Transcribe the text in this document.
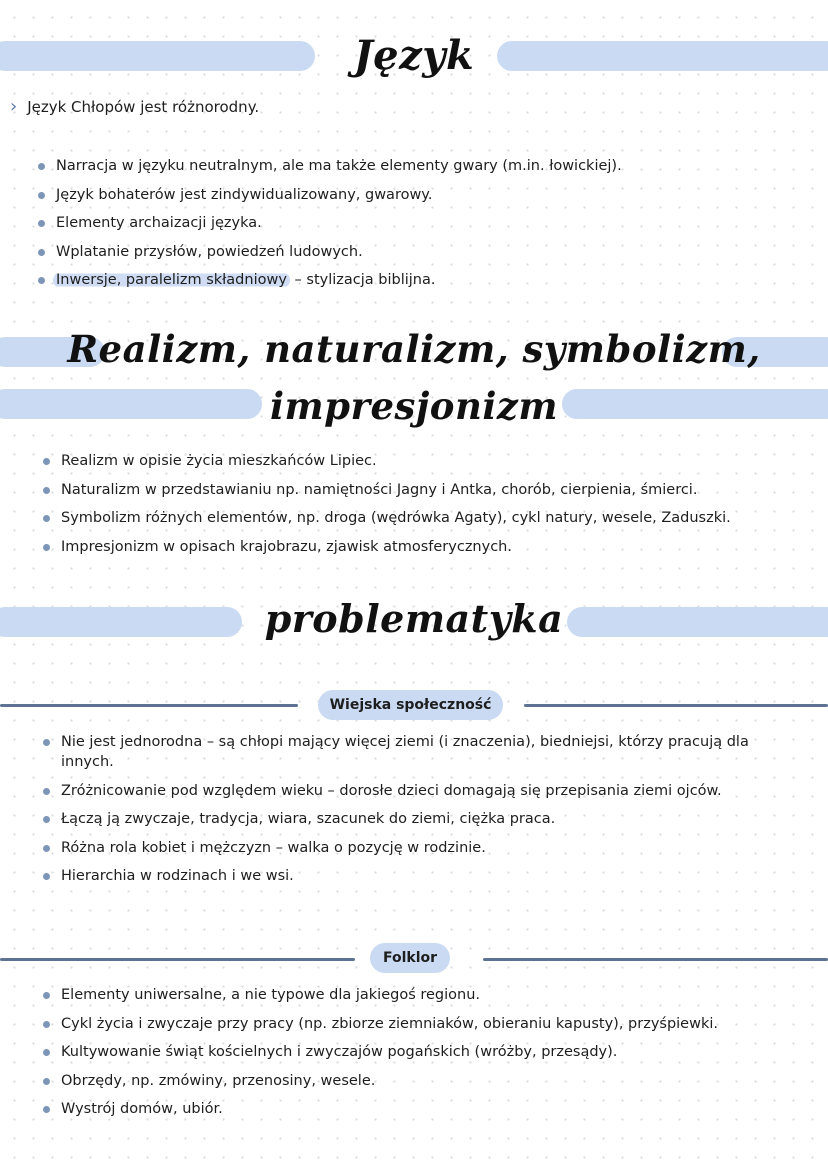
Język
› Język Chłopów jest różnorodny.
Narracja w języku neutralnym, ale ma także elementy gwary (m.in. łowickiej).
Język bohaterów jest zindywidualizowany, gwarowy.
Elementy archaizacji języka.
Wplatanie przysłów, powiedzeń ludowych.
Inwersje, paralelizm składniowy – stylizacja biblijna.
Realizm, naturalizm, symbolizm,
impresjonizm
Realizm w opisie życia mieszkańców Lipiec.
Naturalizm w przedstawianiu np. namiętności Jagny i Antka, chorób, cierpienia, śmierci.
Symbolizm różnych elementów, np. droga (wędrówka Agaty), cykl natury, wesele, Zaduszki.
Impresjonizm w opisach krajobrazu, zjawisk atmosferycznych.
problematyka
Wiejska społeczność
Nie jest jednorodna – są chłopi mający więcej ziemi (i znaczenia), biedniejsi, którzy pracują dla innych.
Zróżnicowanie pod względem wieku – dorosłe dzieci domagają się przepisania ziemi ojców.
Łączą ją zwyczaje, tradycja, wiara, szacunek do ziemi, ciężka praca.
Różna rola kobiet i mężczyzn – walka o pozycję w rodzinie.
Hierarchia w rodzinach i we wsi.
Folklor
Elementy uniwersalne, a nie typowe dla jakiegoś regionu.
Cykl życia i zwyczaje przy pracy (np. zbiorze ziemniaków, obieraniu kapusty), przyśpiewki.
Kultywowanie świąt kościelnych i zwyczajów pogańskich (wróżby, przesądy).
Obrzędy, np. zmówiny, przenosiny, wesele.
Wystrój domów, ubiór.
